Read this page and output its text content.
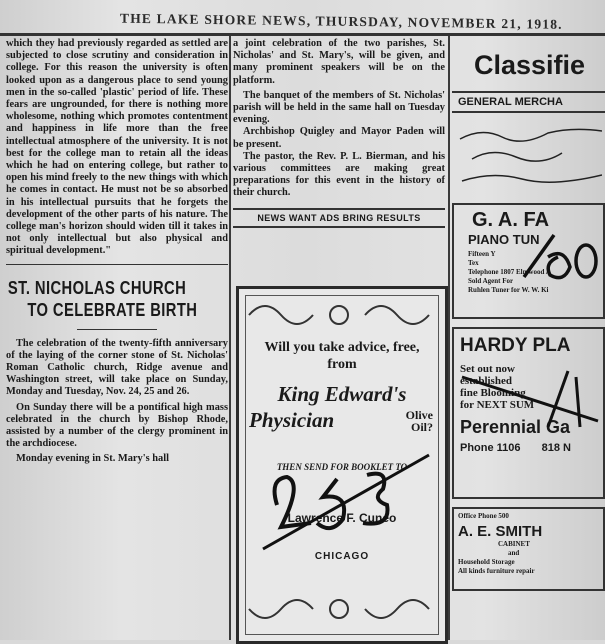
THE LAKE SHORE NEWS, THURSDAY, NOVEMBER 21, 1918.

which they had previously regarded as settled are subjected to close scrutiny and consideration in college. For this reason the university is often looked upon as a dangerous place to send young men in the so-called 'plastic' period of life. These fears are ungrounded, for there is nothing more wholesome, nothing which promotes contentment and happiness in life more than the free intellectual atmosphere of the university. It is not best for the college man to retain all the ideas which he had on entering college, but rather to open his mind freely to the new things with which he comes in contact. He must not be so absorbed in his intellectual pursuits that he forgets the development of the other parts of his nature. The college man's horizon should widen till it takes in not only intellectual but also physical and spiritual development."

ST. NICHOLAS CHURCH
TO CELEBRATE BIRTH

The celebration of the twenty-fifth anniversary of the laying of the corner stone of St. Nicholas' Roman Catholic church, Ridge avenue and Washington street, will take place on Sunday, Monday and Tuesday, Nov. 24, 25 and 26.

On Sunday there will be a pontifical high mass celebrated in the church by Bishop Rhode, assisted by a number of the clergy prominent in the archdiocese.

Monday evening in St. Mary's hall

a joint celebration of the two parishes, St. Nicholas' and St. Mary's, will be given, and many prominent speakers will be on the platform.

The banquet of the members of St. Nicholas' parish will be held in the same hall on Tuesday evening.

Archbishop Quigley and Mayor Paden will be present.

The pastor, the Rev. P. L. Bierman, and his various committees are making great preparations for this event in the history of their church.

NEWS WANT ADS BRING RESULTS
Will you take advice, free, from
King Edward's
Physician	Olive Oil?
THEN SEND FOR BOOKLET TO
Lawrence F. Cuneo
CHICAGO
Classifie
GENERAL MERCHA
G. A. FA
PIANO TUN
Fifteen Y
Tex
Telephone 1807 Elmwood A
Sold Agent For
Ruhlen Tuner for W. W. Ki
HARDY PLA
Set out now
established
fine Blooming
for NEXT SUM
Perennial Ga
Phone 1106 818 N
Office Phone 500
A. E. SMITH
CABINET
and
Household Storage
All kinds furniture repair
